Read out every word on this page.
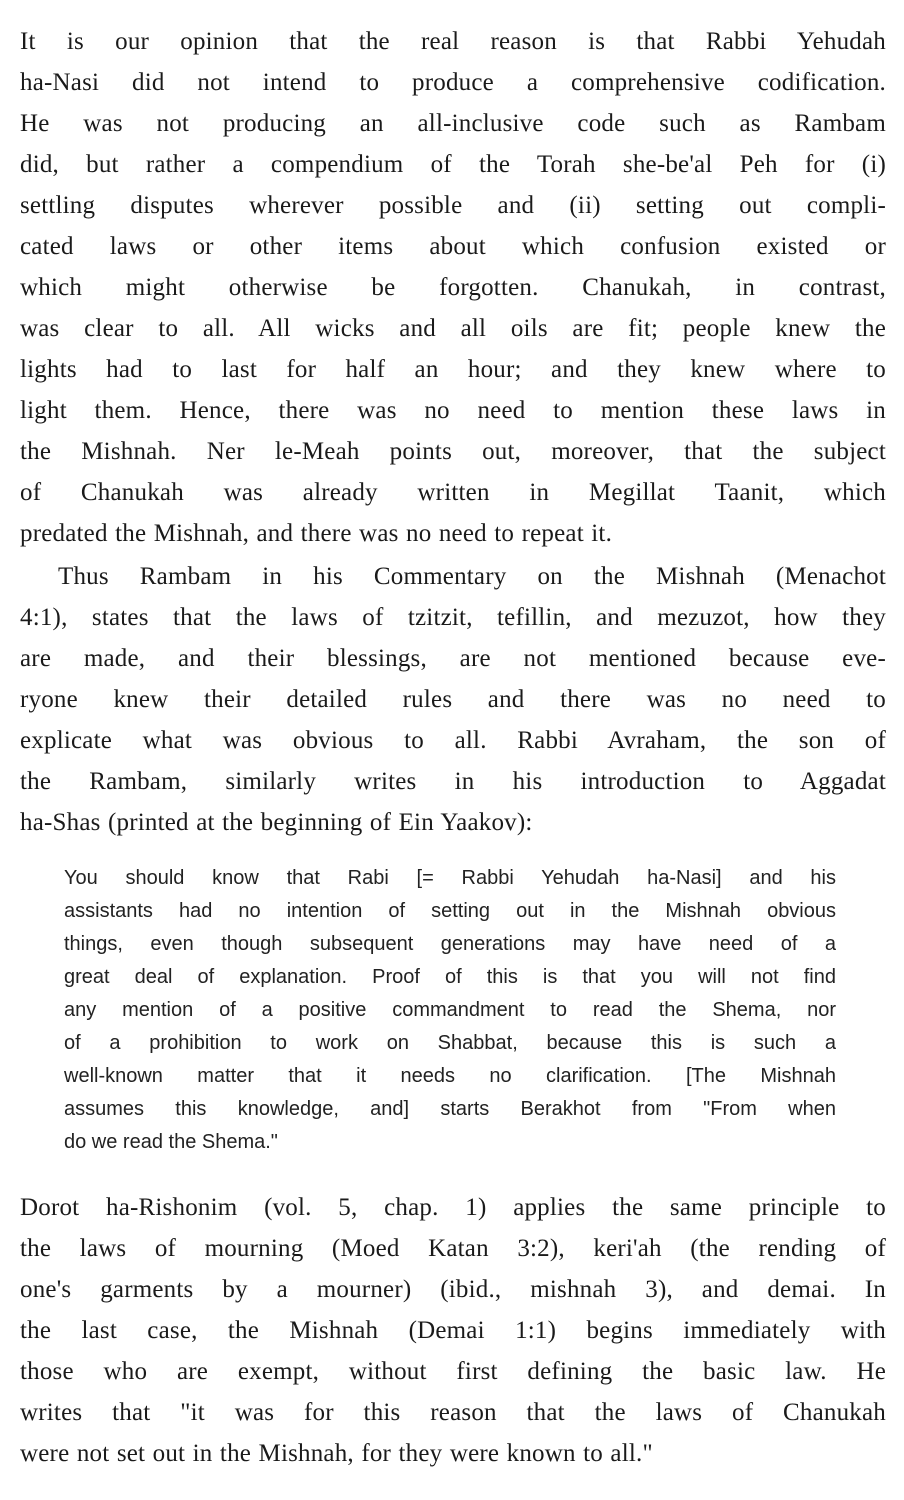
It is our opinion that the real reason is that Rabbi Yehudah
ha-Nasi did not intend to produce a comprehensive codification.
He was not producing an all-inclusive code such as Rambam
did, but rather a compendium of the Torah she-be'al Peh for (i)
settling disputes wherever possible and (ii) setting out compli-
cated laws or other items about which confusion existed or
which might otherwise be forgotten. Chanukah, in contrast,
was clear to all. All wicks and all oils are fit; people knew the
lights had to last for half an hour; and they knew where to
light them. Hence, there was no need to mention these laws in
the Mishnah. Ner le-Meah points out, moreover, that the subject
of Chanukah was already written in Megillat Taanit, which
predated the Mishnah, and there was no need to repeat it.
Thus Rambam in his Commentary on the Mishnah (Menachot
4:1), states that the laws of tzitzit, tefillin, and mezuzot, how they
are made, and their blessings, are not mentioned because eve-
ryone knew their detailed rules and there was no need to
explicate what was obvious to all. Rabbi Avraham, the son of
the Rambam, similarly writes in his introduction to Aggadat
ha-Shas (printed at the beginning of Ein Yaakov):
You should know that Rabi [= Rabbi Yehudah ha-Nasi] and his
assistants had no intention of setting out in the Mishnah obvious
things, even though subsequent generations may have need of a
great deal of explanation. Proof of this is that you will not find
any mention of a positive commandment to read the Shema, nor
of a prohibition to work on Shabbat, because this is such a
well-known matter that it needs no clarification. [The Mishnah
assumes this knowledge, and] starts Berakhot from "From when
do we read the Shema."
Dorot ha-Rishonim (vol. 5, chap. 1) applies the same principle to
the laws of mourning (Moed Katan 3:2), keri'ah (the rending of
one's garments by a mourner) (ibid., mishnah 3), and demai. In
the last case, the Mishnah (Demai 1:1) begins immediately with
those who are exempt, without first defining the basic law. He
writes that "it was for this reason that the laws of Chanukah
were not set out in the Mishnah, for they were known to all."
